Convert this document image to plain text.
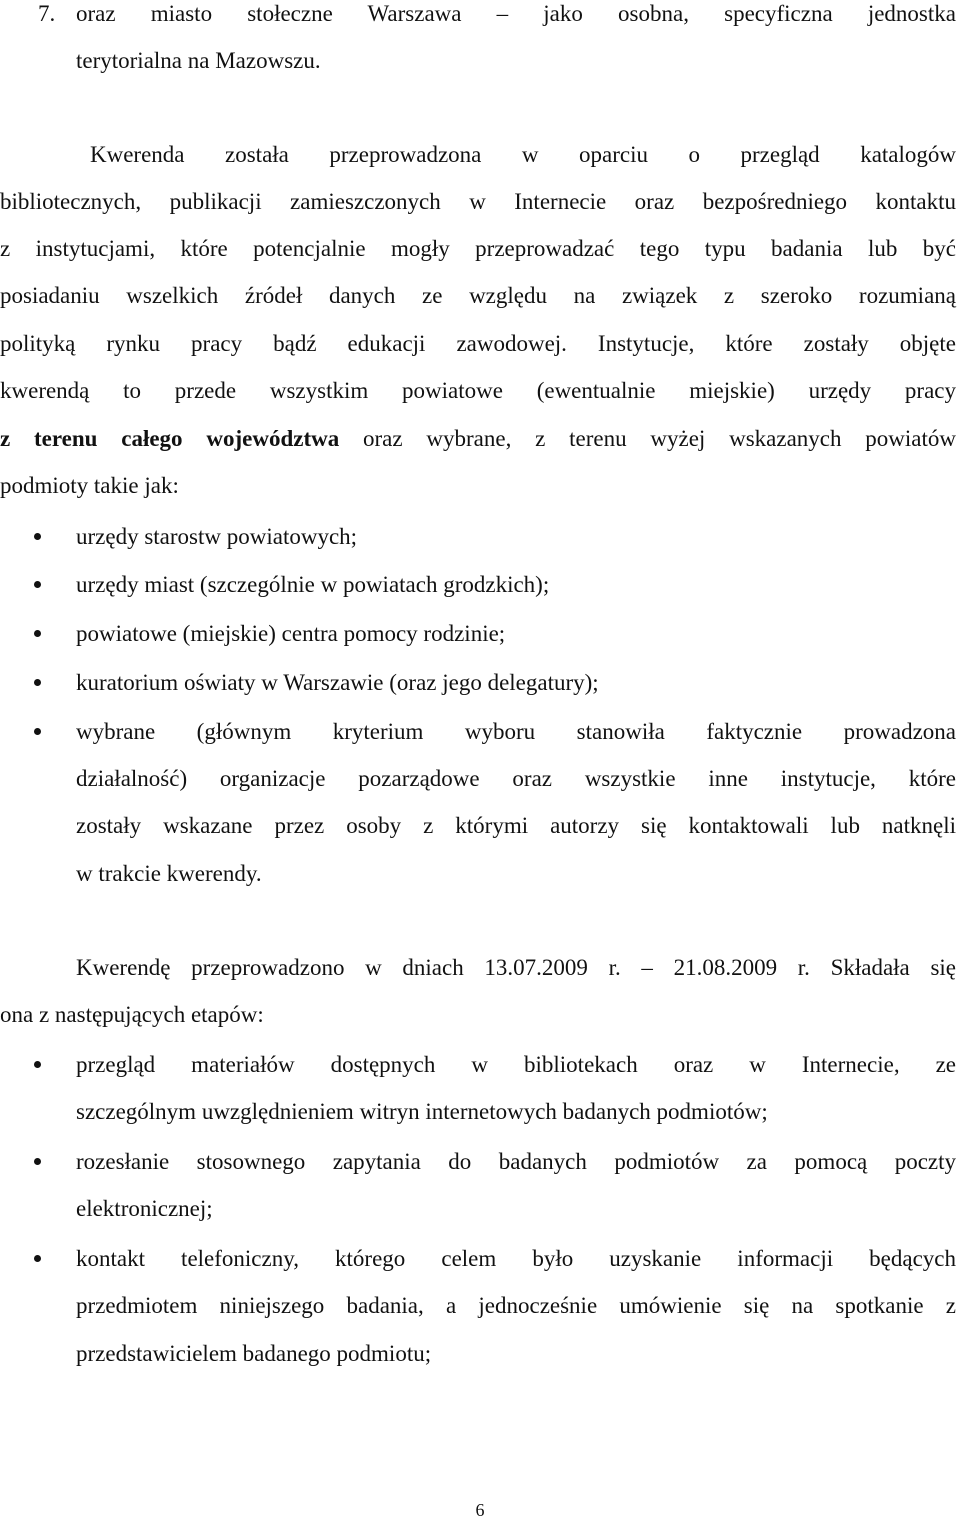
oraz miasto stołeczne Warszawa – jako osobna, specyficzna jednostka
7.
terytorialna na Mazowszu.
Kwerenda została przeprowadzona w oparciu o przegląd katalogów
bibliotecznych, publikacji zamieszczonych w Internecie oraz bezpośredniego kontaktu
z instytucjami, które potencjalnie mogły przeprowadzać tego typu badania lub być
posiadaniu wszelkich źródeł danych ze względu na związek z szeroko rozumianą
polityką rynku pracy bądź edukacji zawodowej. Instytucje, które zostały objęte
kwerendą to przede wszystkim powiatowe (ewentualnie miejskie) urzędy pracy
z terenu całego województwa oraz wybrane, z terenu wyżej wskazanych powiatów
podmioty takie jak:
urzędy starostw powiatowych;
urzędy miast (szczególnie w powiatach grodzkich);
powiatowe (miejskie) centra pomocy rodzinie;
kuratorium oświaty w Warszawie (oraz jego delegatury);
wybrane (głównym kryterium wyboru stanowiła faktycznie prowadzona
działalność) organizacje pozarządowe oraz wszystkie inne instytucje, które
zostały wskazane przez osoby z którymi autorzy się kontaktowali lub natknęli
w trakcie kwerendy.
Kwerendę przeprowadzono w dniach 13.07.2009 r. – 21.08.2009 r. Składała się
ona z następujących etapów:
przegląd materiałów dostępnych w bibliotekach oraz w Internecie, ze
szczególnym uwzględnieniem witryn internetowych badanych podmiotów;
rozesłanie stosownego zapytania do badanych podmiotów za pomocą poczty
elektronicznej;
kontakt telefoniczny, którego celem było uzyskanie informacji będących
przedmiotem niniejszego badania, a jednocześnie umówienie się na spotkanie z
przedstawicielem badanego podmiotu;
6
